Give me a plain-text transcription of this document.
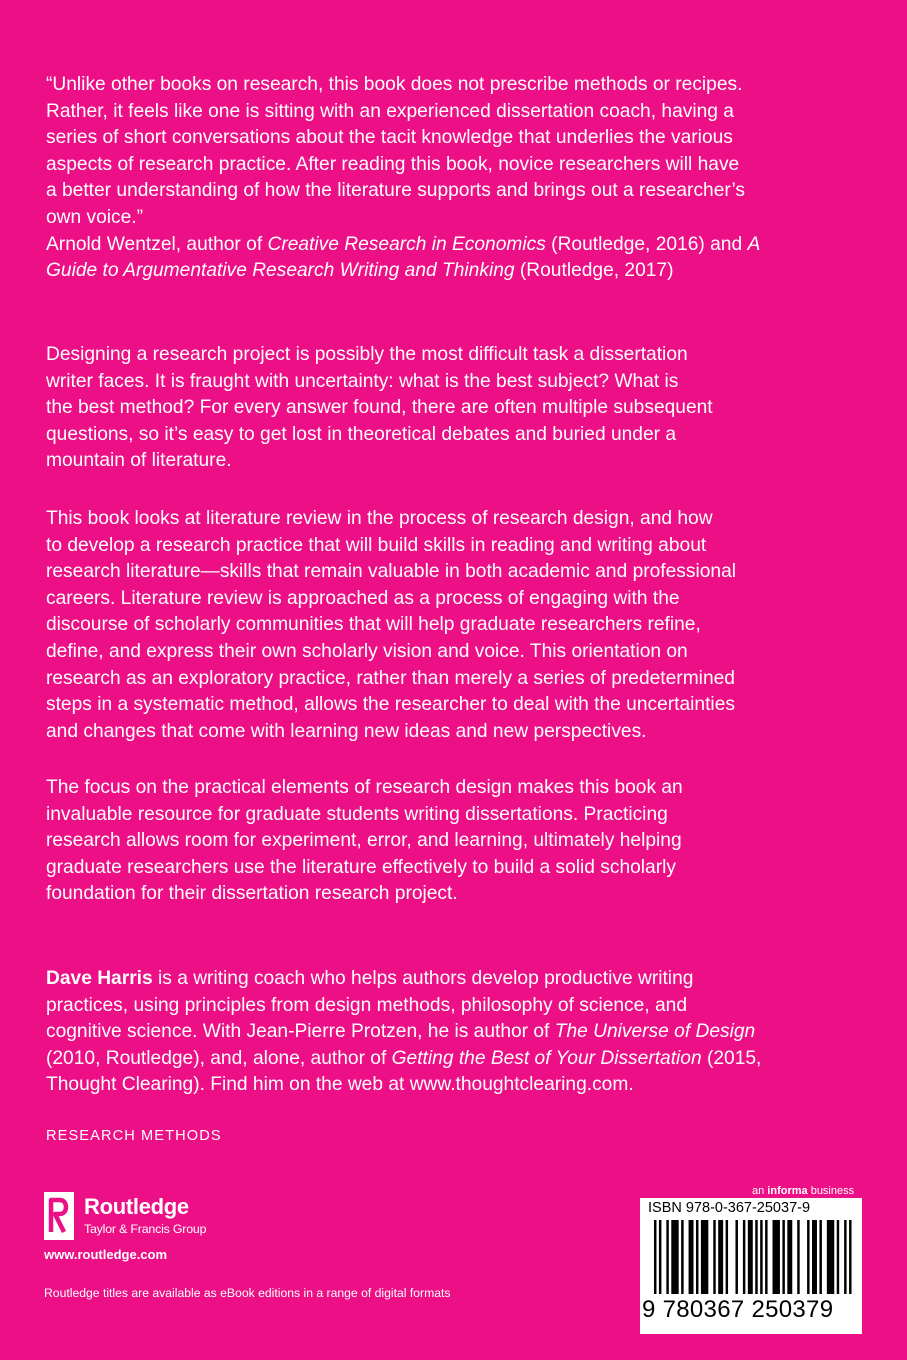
“Unlike other books on research, this book does not prescribe methods or recipes.
Rather, it feels like one is sitting with an experienced dissertation coach, having a
series of short conversations about the tacit knowledge that underlies the various
aspects of research practice. After reading this book, novice researchers will have
a better understanding of how the literature supports and brings out a researcher’s
own voice.”
Arnold Wentzel, author of Creative Research in Economics (Routledge, 2016) and A
Guide to Argumentative Research Writing and Thinking (Routledge, 2017)
Designing a research project is possibly the most difficult task a dissertation
writer faces. It is fraught with uncertainty: what is the best subject? What is
the best method? For every answer found, there are often multiple subsequent
questions, so it’s easy to get lost in theoretical debates and buried under a
mountain of literature.
This book looks at literature review in the process of research design, and how
to develop a research practice that will build skills in reading and writing about
research literature—skills that remain valuable in both academic and professional
careers. Literature review is approached as a process of engaging with the
discourse of scholarly communities that will help graduate researchers refine,
define, and express their own scholarly vision and voice. This orientation on
research as an exploratory practice, rather than merely a series of predetermined
steps in a systematic method, allows the researcher to deal with the uncertainties
and changes that come with learning new ideas and new perspectives.
The focus on the practical elements of research design makes this book an
invaluable resource for graduate students writing dissertations. Practicing
research allows room for experiment, error, and learning, ultimately helping
graduate researchers use the literature effectively to build a solid scholarly
foundation for their dissertation research project.
Dave Harris is a writing coach who helps authors develop productive writing
practices, using principles from design methods, philosophy of science, and
cognitive science. With Jean-Pierre Protzen, he is author of The Universe of Design
(2010, Routledge), and, alone, author of Getting the Best of Your Dissertation (2015,
Thought Clearing). Find him on the web at www.thoughtclearing.com.
RESEARCH METHODS
Routledge
Taylor & Francis Group
www.routledge.com
Routledge titles are available as eBook editions in a range of digital formats
an informa business
ISBN 978-0-367-25037-9
9 780367 250379
